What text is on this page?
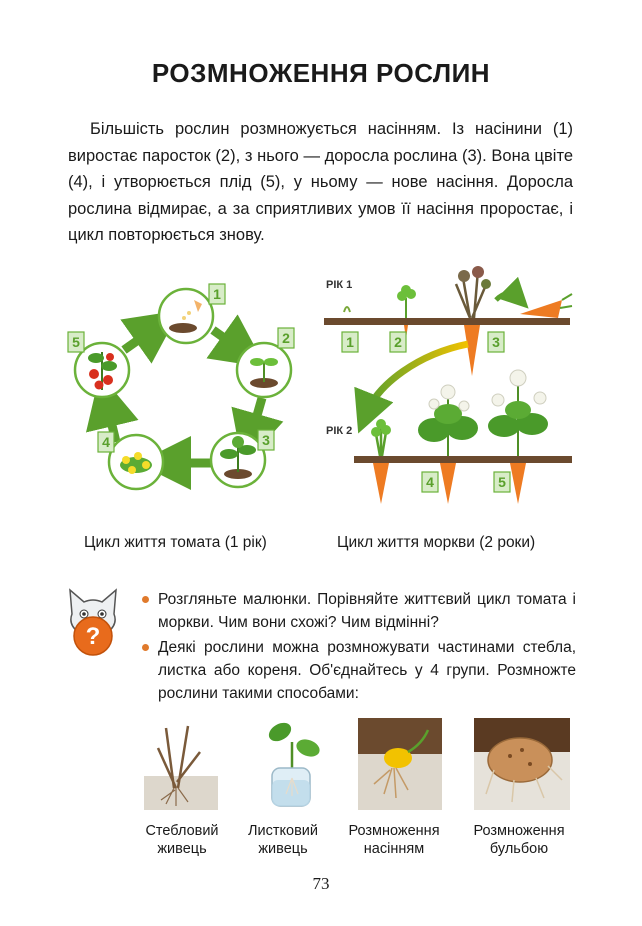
РОЗМНОЖЕННЯ РОСЛИН
Більшість рослин розмножується насінням. Із насінини (1) виростає паросток (2), з нього — доросла рослина (3). Вона цвіте (4), і утворюється плід (5), у ньому — нове насіння. Доросла рослина відмирає, а за сприятливих умов її насіння проростає, і цикл повторюється знову.
1
2
3
4
5
РІК 1
РІК 2
1	2	3
4	5
Цикл життя томата (1 рік)	Цикл життя моркви (2 роки)
?
Розгляньте малюнки. Порівняйте життєвий цикл томата і моркви. Чим вони схожі? Чим відмінні?
Деякі рослини можна розмножувати частинами стебла, листка або кореня. Об'єднайтесь у 4 групи. Розмножте рослини такими способами:
Стебловий
живець
Листковий
живець
Розмноження
насінням
Розмноження
бульбою
73
